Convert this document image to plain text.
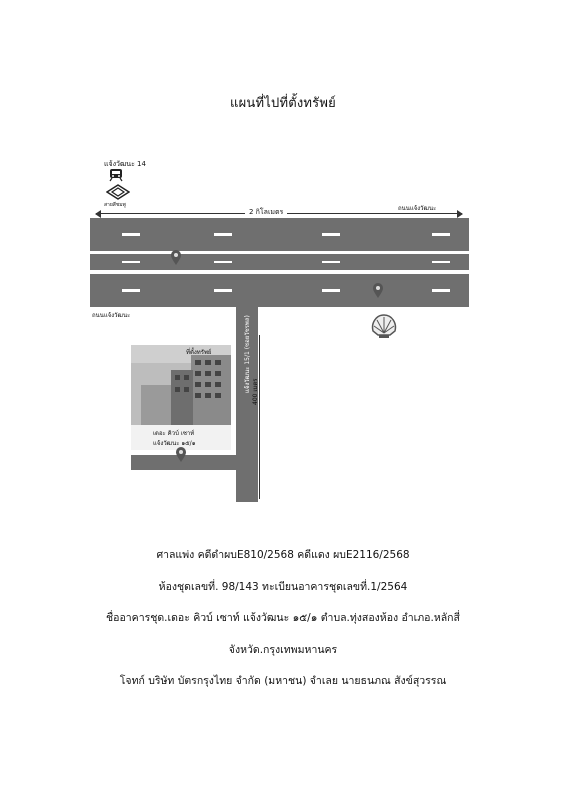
แผนที่ไปที่ตั้งทรัพย์
แจ้งวัฒนะ 14
สายสีชมพู
2 กิโลเมตร	ถนนแจ้งวัฒนะ
ถนนแจ้งวัฒนะ	แจ้งวัฒนะ 15/1 (ซอยวัชรพล) 400 เมตร
ที่ตั้งทรัพย์
เดอะ คิวบ์ เซาท์
แจ้งวัฒนะ ๑๕/๑
ศาลแพ่ง คดีดำผบE810/2568 คดีแดง ผบE2116/2568
ห้องชุดเลขที่. 98/143 ทะเบียนอาคารชุดเลขที่.1/2564
ชื่ออาคารชุด.เดอะ คิวบ์ เซาท์ แจ้งวัฒนะ ๑๕/๑ ตำบล.ทุ่งสองห้อง อำเภอ.หลักสี่
จังหวัด.กรุงเทพมหานคร
โจทก์ บริษัท บัตรกรุงไทย จำกัด (มหาชน) จำเลย นายธนภณ สังข์สุวรรณ
